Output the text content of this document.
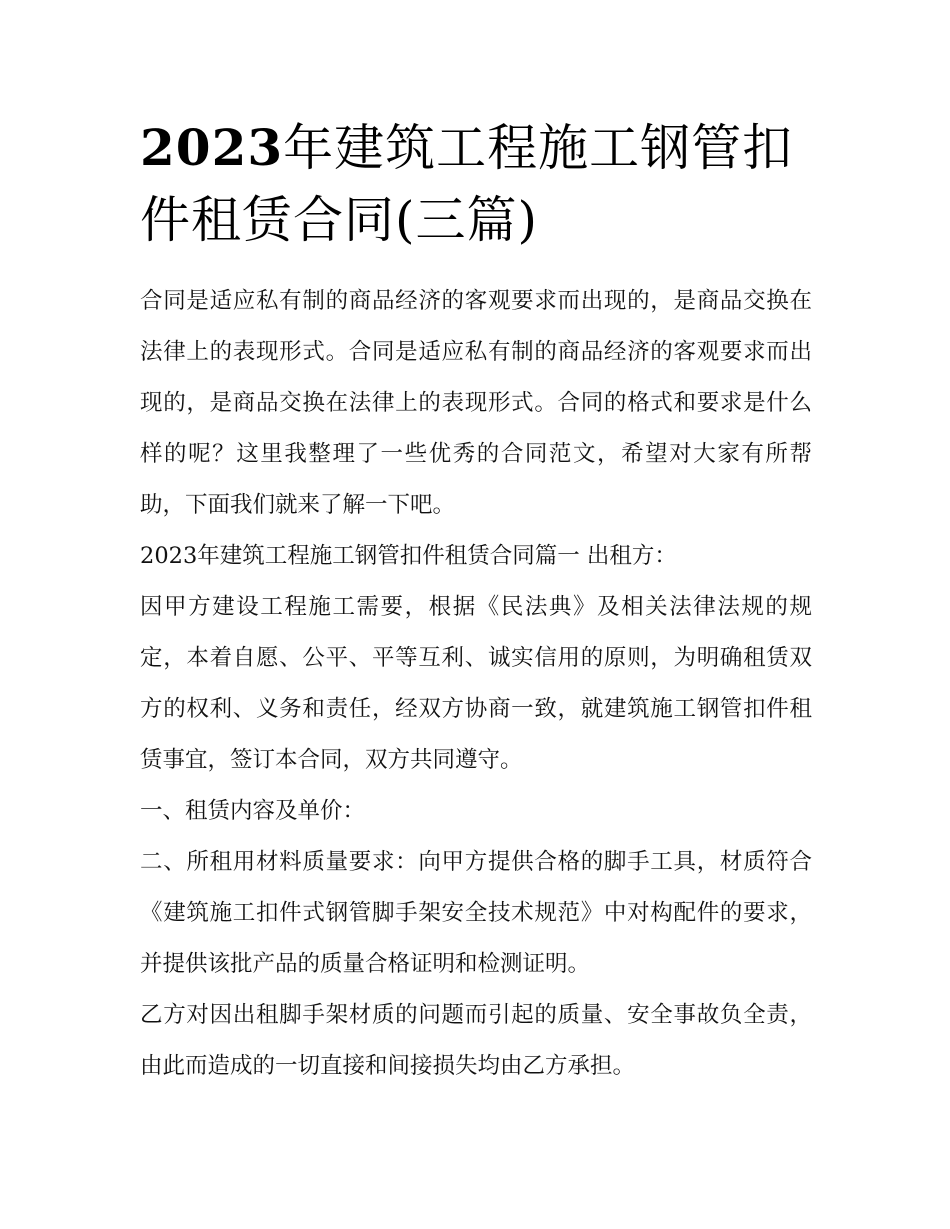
2023年建筑工程施工钢管扣件租赁合同(三篇)

合同是适应私有制的商品经济的客观要求而出现的，是商品交换在法律上的表现形式。合同是适应私有制的商品经济的客观要求而出现的，是商品交换在法律上的表现形式。合同的格式和要求是什么样的呢？这里我整理了一些优秀的合同范文，希望对大家有所帮助，下面我们就来了解一下吧。

2023年建筑工程施工钢管扣件租赁合同篇一 出租方：

因甲方建设工程施工需要，根据《民法典》及相关法律法规的规定，本着自愿、公平、平等互利、诚实信用的原则，为明确租赁双方的权利、义务和责任，经双方协商一致，就建筑施工钢管扣件租赁事宜，签订本合同，双方共同遵守。

一、租赁内容及单价：

二、所租用材料质量要求：向甲方提供合格的脚手工具，材质符合《建筑施工扣件式钢管脚手架安全技术规范》中对构配件的要求，并提供该批产品的质量合格证明和检测证明。

乙方对因出租脚手架材质的问题而引起的质量、安全事故负全责，由此而造成的一切直接和间接损失均由乙方承担。
